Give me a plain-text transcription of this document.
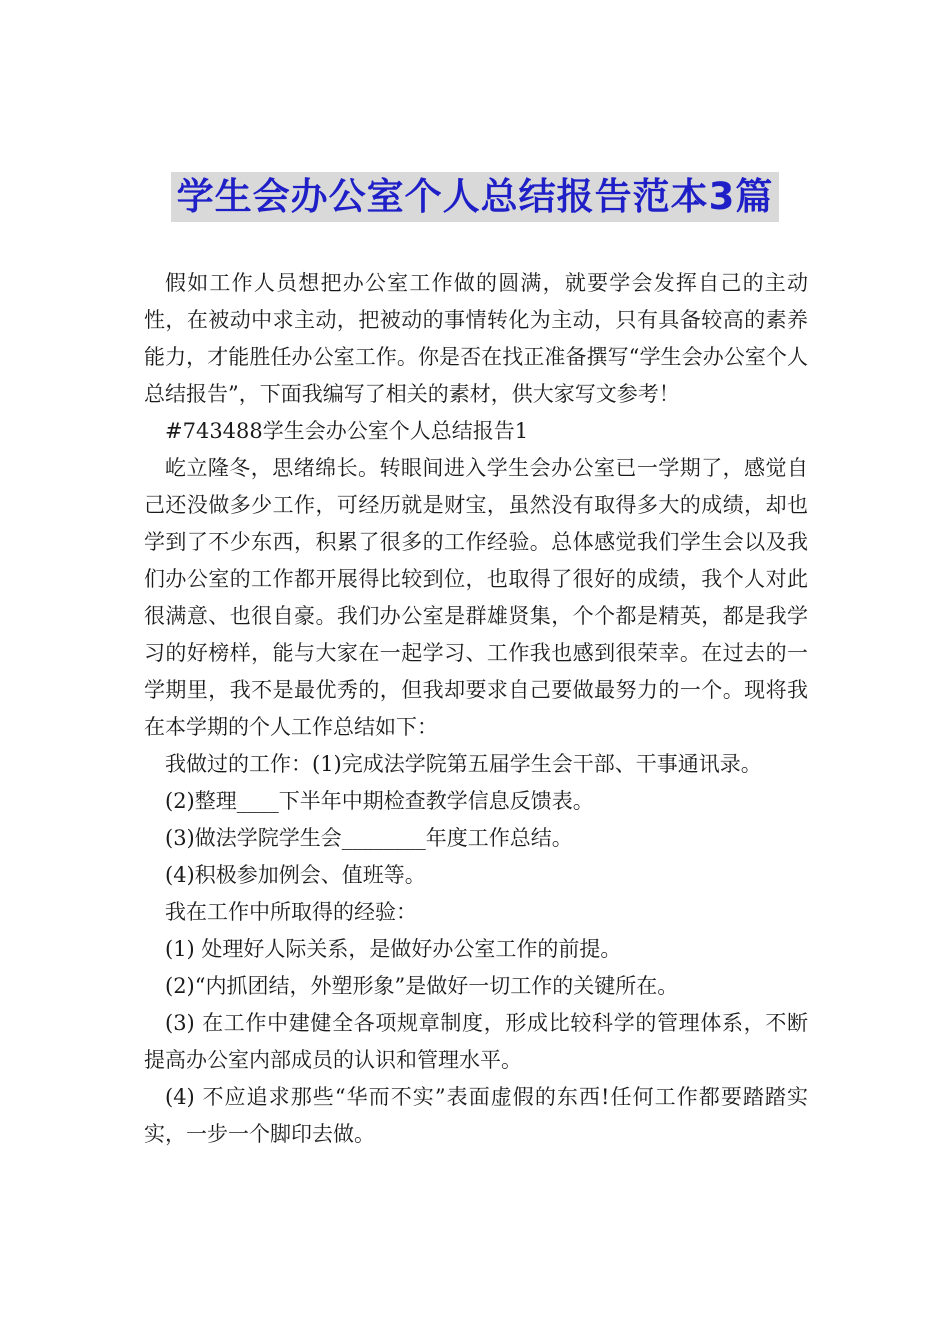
学生会办公室个人总结报告范本3篇

假如工作人员想把办公室工作做的圆满，就要学会发挥自己的主动性，在被动中求主动，把被动的事情转化为主动，只有具备较高的素养能力，才能胜任办公室工作。你是否在找正准备撰写“学生会办公室个人总结报告”，下面我编写了相关的素材，供大家写文参考！

#743488学生会办公室个人总结报告1

屹立隆冬，思绪绵长。转眼间进入学生会办公室已一学期了，感觉自己还没做多少工作，可经历就是财宝，虽然没有取得多大的成绩，却也学到了不少东西，积累了很多的工作经验。总体感觉我们学生会以及我们办公室的工作都开展得比较到位，也取得了很好的成绩，我个人对此很满意、也很自豪。我们办公室是群雄贤集，个个都是精英，都是我学习的好榜样，能与大家在一起学习、工作我也感到很荣幸。在过去的一学期里，我不是最优秀的，但我却要求自己要做最努力的一个。现将我在本学期的个人工作总结如下：

我做过的工作：(1)完成法学院第五届学生会干部、干事通讯录。

(2)整理____下半年中期检查教学信息反馈表。

(3)做法学院学生会________年度工作总结。

(4)积极参加例会、值班等。

我在工作中所取得的经验：

(1) 处理好人际关系，是做好办公室工作的前提。

(2)“内抓团结，外塑形象”是做好一切工作的关键所在。

(3) 在工作中建健全各项规章制度，形成比较科学的管理体系，不断提高办公室内部成员的认识和管理水平。

(4) 不应追求那些“华而不实”表面虚假的东西!任何工作都要踏踏实实，一步一个脚印去做。
